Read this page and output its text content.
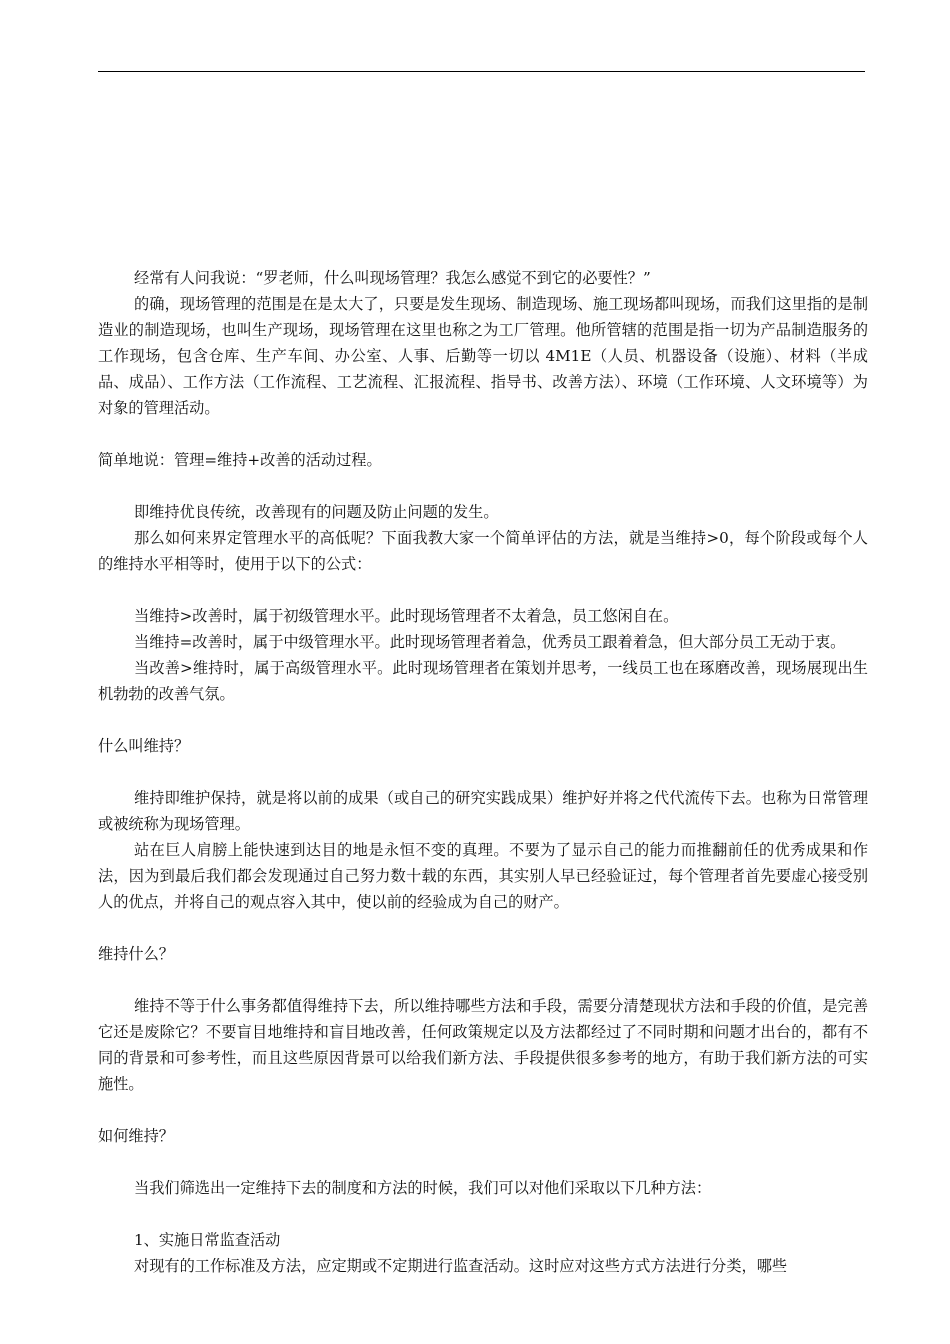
经常有人问我说：“罗老师，什么叫现场管理？我怎么感觉不到它的必要性？”

的确，现场管理的范围是在是太大了，只要是发生现场、制造现场、施工现场都叫现场，而我们这里指的是制造业的制造现场，也叫生产现场，现场管理在这里也称之为工厂管理。他所管辖的范围是指一切为产品制造服务的工作现场，包含仓库、生产车间、办公室、人事、后勤等一切以 4M1E（人员、机器设备（设施）、材料（半成品、成品）、工作方法（工作流程、工艺流程、汇报流程、指导书、改善方法）、环境（工作环境、人文环境等）为对象的管理活动。

简单地说：管理=维持+改善的活动过程。

即维持优良传统，改善现有的问题及防止问题的发生。

那么如何来界定管理水平的高低呢？下面我教大家一个简单评估的方法，就是当维持>0，每个阶段或每个人的维持水平相等时，使用于以下的公式：

当维持>改善时，属于初级管理水平。此时现场管理者不太着急，员工悠闲自在。

当维持=改善时，属于中级管理水平。此时现场管理者着急，优秀员工跟着着急，但大部分员工无动于衷。

当改善>维持时，属于高级管理水平。此时现场管理者在策划并思考，一线员工也在琢磨改善，现场展现出生机勃勃的改善气氛。

什么叫维持？

维持即维护保持，就是将以前的成果（或自己的研究实践成果）维护好并将之代代流传下去。也称为日常管理或被统称为现场管理。

站在巨人肩膀上能快速到达目的地是永恒不变的真理。不要为了显示自己的能力而推翻前任的优秀成果和作法，因为到最后我们都会发现通过自己努力数十载的东西，其实别人早已经验证过，每个管理者首先要虚心接受别人的优点，并将自己的观点容入其中，使以前的经验成为自己的财产。

维持什么？

维持不等于什么事务都值得维持下去，所以维持哪些方法和手段，需要分清楚现状方法和手段的价值，是完善它还是废除它？不要盲目地维持和盲目地改善，任何政策规定以及方法都经过了不同时期和问题才出台的，都有不同的背景和可参考性，而且这些原因背景可以给我们新方法、手段提供很多参考的地方，有助于我们新方法的可实施性。

如何维持？

当我们筛选出一定维持下去的制度和方法的时候，我们可以对他们采取以下几种方法：

1、实施日常监查活动

对现有的工作标准及方法，应定期或不定期进行监查活动。这时应对这些方式方法进行分类，哪些
